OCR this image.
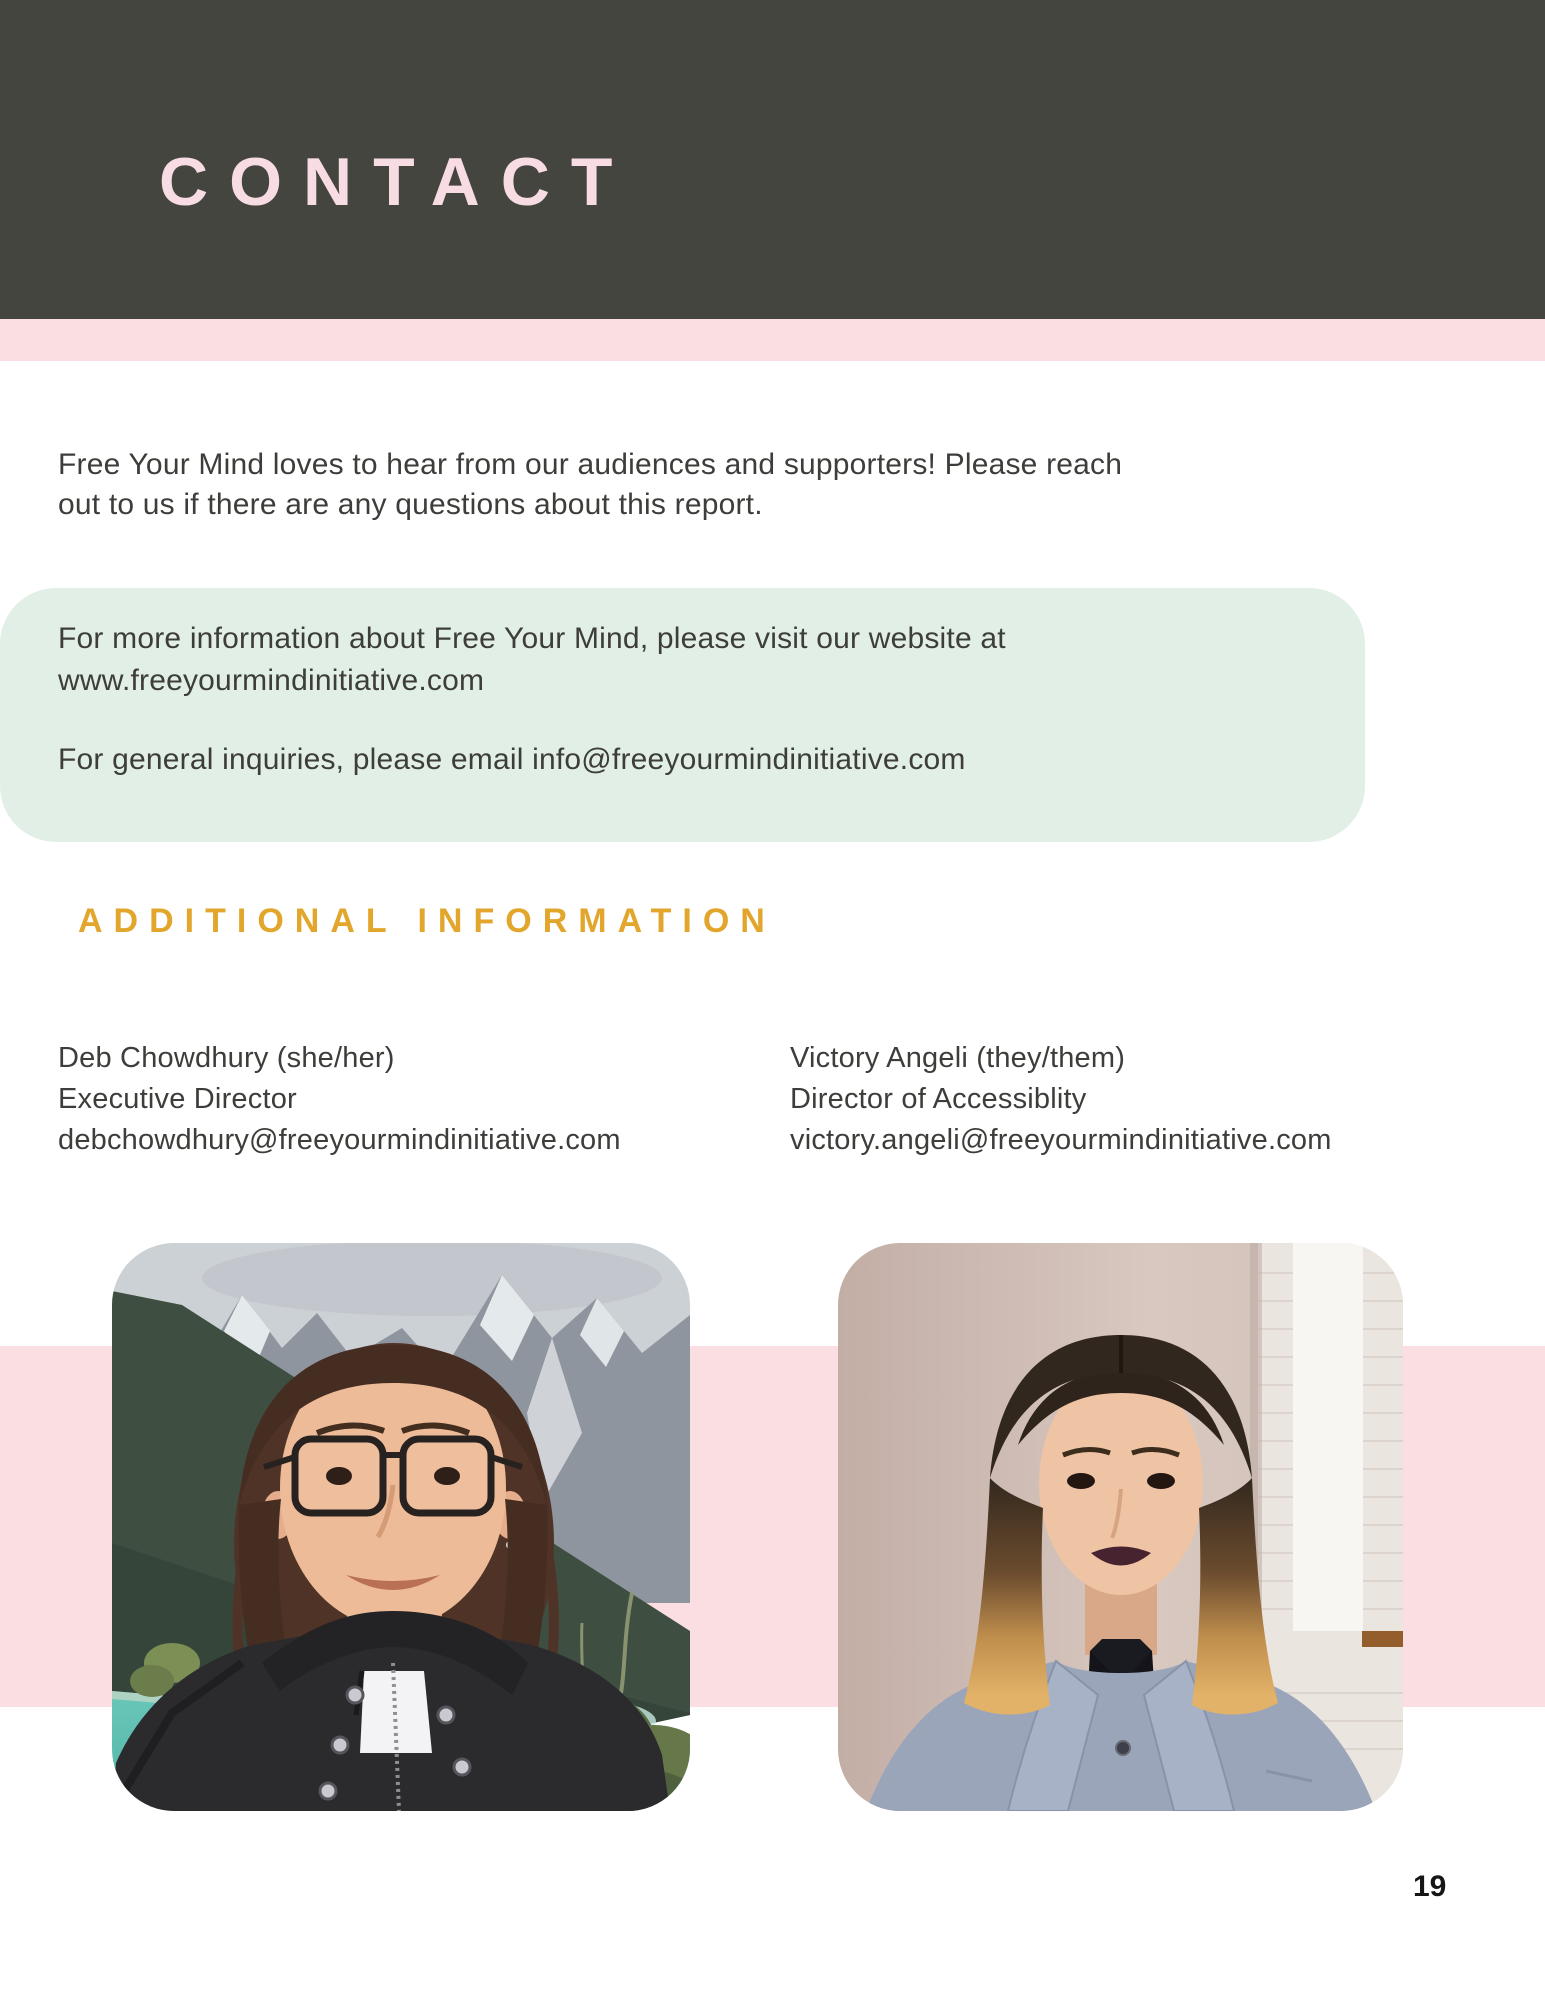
CONTACT
Free Your Mind loves to hear from our audiences and supporters! Please reach
out to us if there are any questions about this report.
For more information about Free Your Mind, please visit our website at
www.freeyourmindinitiative.com
For general inquiries, please email info@freeyourmindinitiative.com
ADDITIONAL INFORMATION
Deb Chowdhury (she/her)
Executive Director
debchowdhury@freeyourmindinitiative.com
Victory Angeli (they/them)
Director of Accessiblity
victory.angeli@freeyourmindinitiative.com
19
